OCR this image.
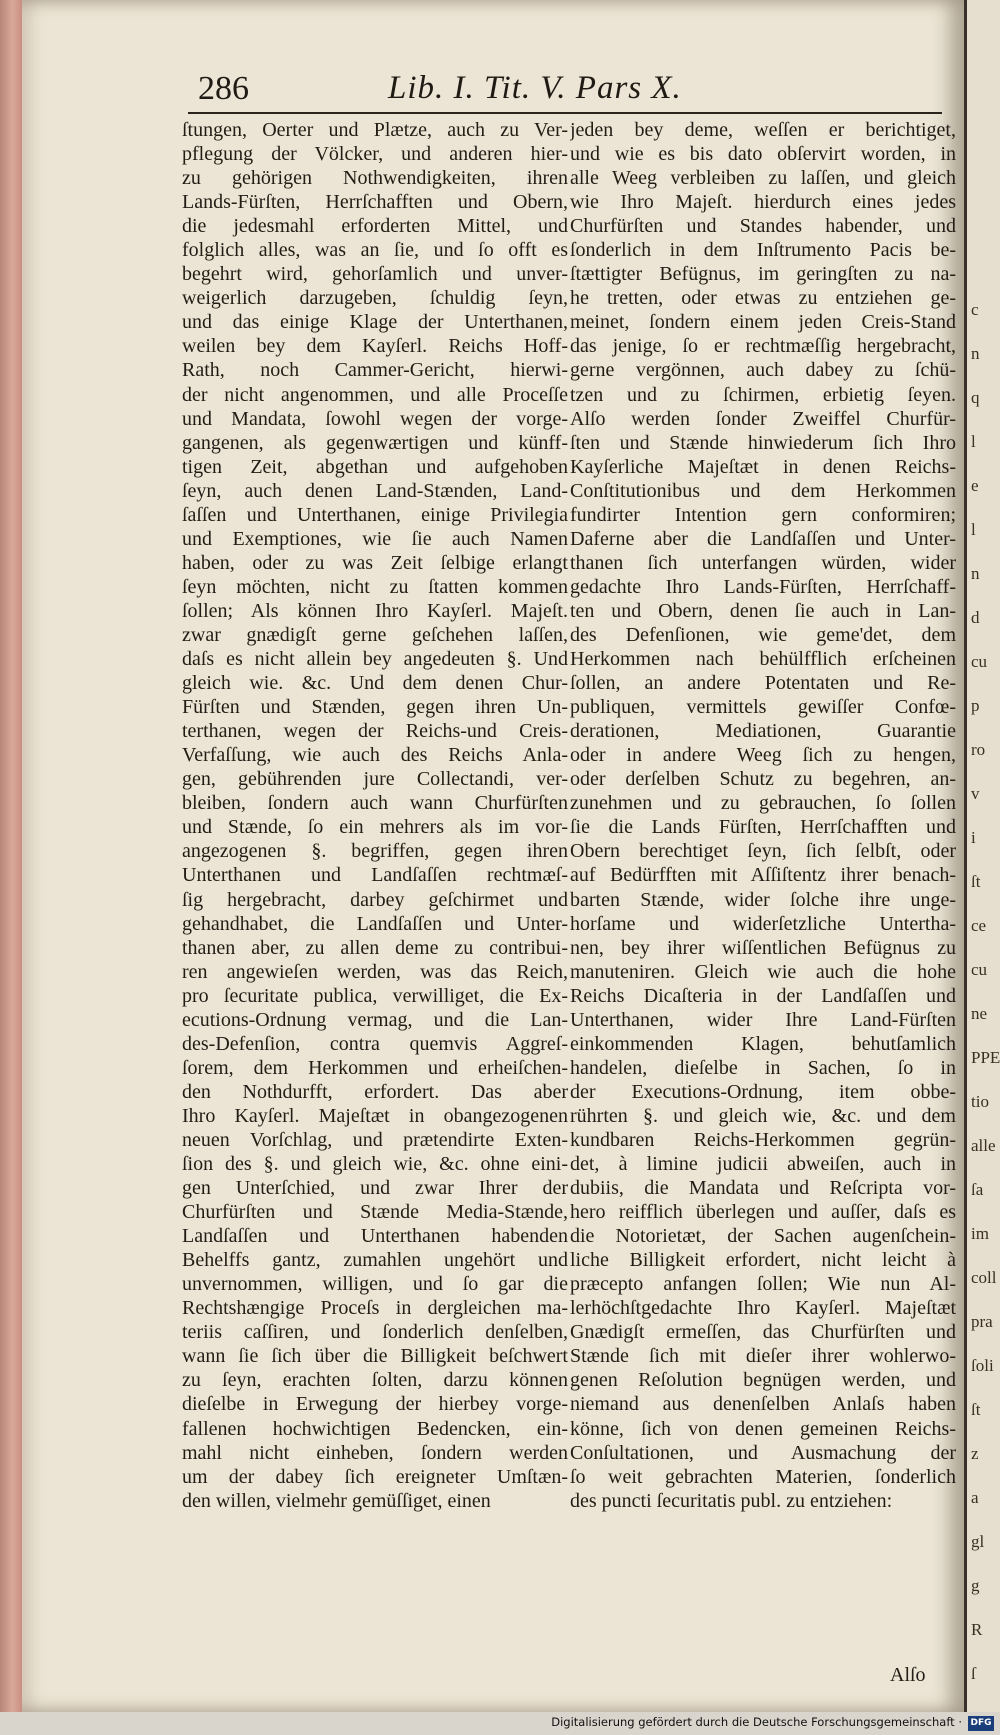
286	Lib. I. Tit. V. Pars X.
ſtungen, Oerter und Plætze, auch zu Ver-
pflegung der Völcker, und anderen hier-
zu gehörigen Nothwendigkeiten, ihren
Lands-Fürſten, Herrſchafften und Obern,
die jedesmahl erforderten Mittel, und
folglich alles, was an ſie, und ſo offt es
begehrt wird, gehorſamlich und unver-
weigerlich darzugeben, ſchuldig ſeyn,
und das einige Klage der Unterthanen,
weilen bey dem Kayſerl. Reichs Hoff-
Rath, noch Cammer-Gericht, hierwi-
der nicht angenommen, und alle Proceſſe
und Mandata, ſowohl wegen der vorge-
gangenen, als gegenwærtigen und künff-
tigen Zeit, abgethan und aufgehoben
ſeyn, auch denen Land-Stænden, Land-
ſaſſen und Unterthanen, einige Privilegia
und Exemptiones, wie ſie auch Namen
haben, oder zu was Zeit ſelbige erlangt
ſeyn möchten, nicht zu ſtatten kommen
ſollen; Als können Ihro Kayſerl. Majeſt.
zwar gnædigſt gerne geſchehen laſſen,
daſs es nicht allein bey angedeuten §. Und
gleich wie. &c. Und dem denen Chur-
Fürſten und Stænden, gegen ihren Un-
terthanen, wegen der Reichs-und Creis-
Verfaſſung, wie auch des Reichs Anla-
gen, gebührenden jure Collectandi, ver-
bleiben, ſondern auch wann Churfürſten
und Stænde, ſo ein mehrers als im vor-
angezogenen §. begriffen, gegen ihren
Unterthanen und Landſaſſen rechtmæſ-
ſig hergebracht, darbey geſchirmet und
gehandhabet, die Landſaſſen und Unter-
thanen aber, zu allen deme zu contribui-
ren angewieſen werden, was das Reich,
pro ſecuritate publica, verwilliget, die Ex-
ecutions-Ordnung vermag, und die Lan-
des-Defenſion, contra quemvis Aggreſ-
ſorem, dem Herkommen und erheiſchen-
den Nothdurfft, erfordert. Das aber
Ihro Kayſerl. Majeſtæt in obangezogenen
neuen Vorſchlag, und prætendirte Exten-
ſion des §. und gleich wie, &c. ohne eini-
gen Unterſchied, und zwar Ihrer der
Churfürſten und Stænde Media-Stænde,
Landſaſſen und Unterthanen habenden
Behelffs gantz, zumahlen ungehört und
unvernommen, willigen, und ſo gar die
Rechtshængige Proceſs in dergleichen ma-
teriis caſſiren, und ſonderlich denſelben,
wann ſie ſich über die Billigkeit beſchwert
zu ſeyn, erachten ſolten, darzu können
dieſelbe in Erwegung der hierbey vorge-
fallenen hochwichtigen Bedencken, ein-
mahl nicht einheben, ſondern werden
um der dabey ſich ereigneter Umſtæn-
den willen, vielmehr gemüſſiget, einen
jeden bey deme, weſſen er berichtiget,
und wie es bis dato obſervirt worden, in
alle Weeg verbleiben zu laſſen, und gleich
wie Ihro Majeſt. hierdurch eines jedes
Churfürſten und Standes habender, und
ſonderlich in dem Inſtrumento Pacis be-
ſtættigter Befügnus, im geringſten zu na-
he tretten, oder etwas zu entziehen ge-
meinet, ſondern einem jeden Creis-Stand
das jenige, ſo er rechtmæſſig hergebracht,
gerne vergönnen, auch dabey zu ſchü-
tzen und zu ſchirmen, erbietig ſeyen.
Alſo werden ſonder Zweiffel Churfür-
ſten und Stænde hinwiederum ſich Ihro
Kayſerliche Majeſtæt in denen Reichs-
Conſtitutionibus und dem Herkommen
fundirter Intention gern conformiren;
Daferne aber die Landſaſſen und Unter-
thanen ſich unterfangen würden, wider
gedachte Ihro Lands-Fürſten, Herrſchaff-
ten und Obern, denen ſie auch in Lan-
des Defenſionen, wie geme'det, dem
Herkommen nach behülfflich erſcheinen
ſollen, an andere Potentaten und Re-
publiquen, vermittels gewiſſer Confœ-
derationen, Mediationen, Guarantie
oder in andere Weeg ſich zu hengen,
oder derſelben Schutz zu begehren, an-
zunehmen und zu gebrauchen, ſo ſollen
ſie die Lands Fürſten, Herrſchafften und
Obern berechtiget ſeyn, ſich ſelbſt, oder
auf Bedürfften mit Aſſiſtentz ihrer benach-
barten Stænde, wider ſolche ihre unge-
horſame und widerſetzliche Untertha-
nen, bey ihrer wiſſentlichen Befügnus zu
manuteniren. Gleich wie auch die hohe
Reichs Dicaſteria in der Landſaſſen und
Unterthanen, wider Ihre Land-Fürſten
einkommenden Klagen, behutſamlich
handelen, dieſelbe in Sachen, ſo in
der Executions-Ordnung, item obbe-
rührten §. und gleich wie, &c. und dem
kundbaren Reichs-Herkommen gegrün-
det, à limine judicii abweiſen, auch in
dubiis, die Mandata und Reſcripta vor-
hero reifflich überlegen und auſſer, daſs es
die Notorietæt, der Sachen augenſchein-
liche Billigkeit erfordert, nicht leicht à
præcepto anfangen ſollen; Wie nun Al-
lerhöchſtgedachte Ihro Kayſerl. Majeſtæt
Gnædigſt ermeſſen, das Churfürſten und
Stænde ſich mit dieſer ihrer wohlerwo-
genen Reſolution begnügen werden, und
niemand aus denenſelben Anlaſs haben
könne, ſich von denen gemeinen Reichs-
Conſultationen, und Ausmachung der
ſo weit gebrachten Materien, ſonderlich
des puncti ſecuritatis publ. zu entziehen:
Alſo
c
n
q
l
e
l
n
d
cu
p
ro
v
i
ſt
ce
cu
ne
PPE
tio
alle
ſa
im
coll
pra
ſoli
ſt
z
a
gl
g
R
ſ
Digitalisierung gefördert durch die Deutsche Forschungsgemeinschaft · DFG
